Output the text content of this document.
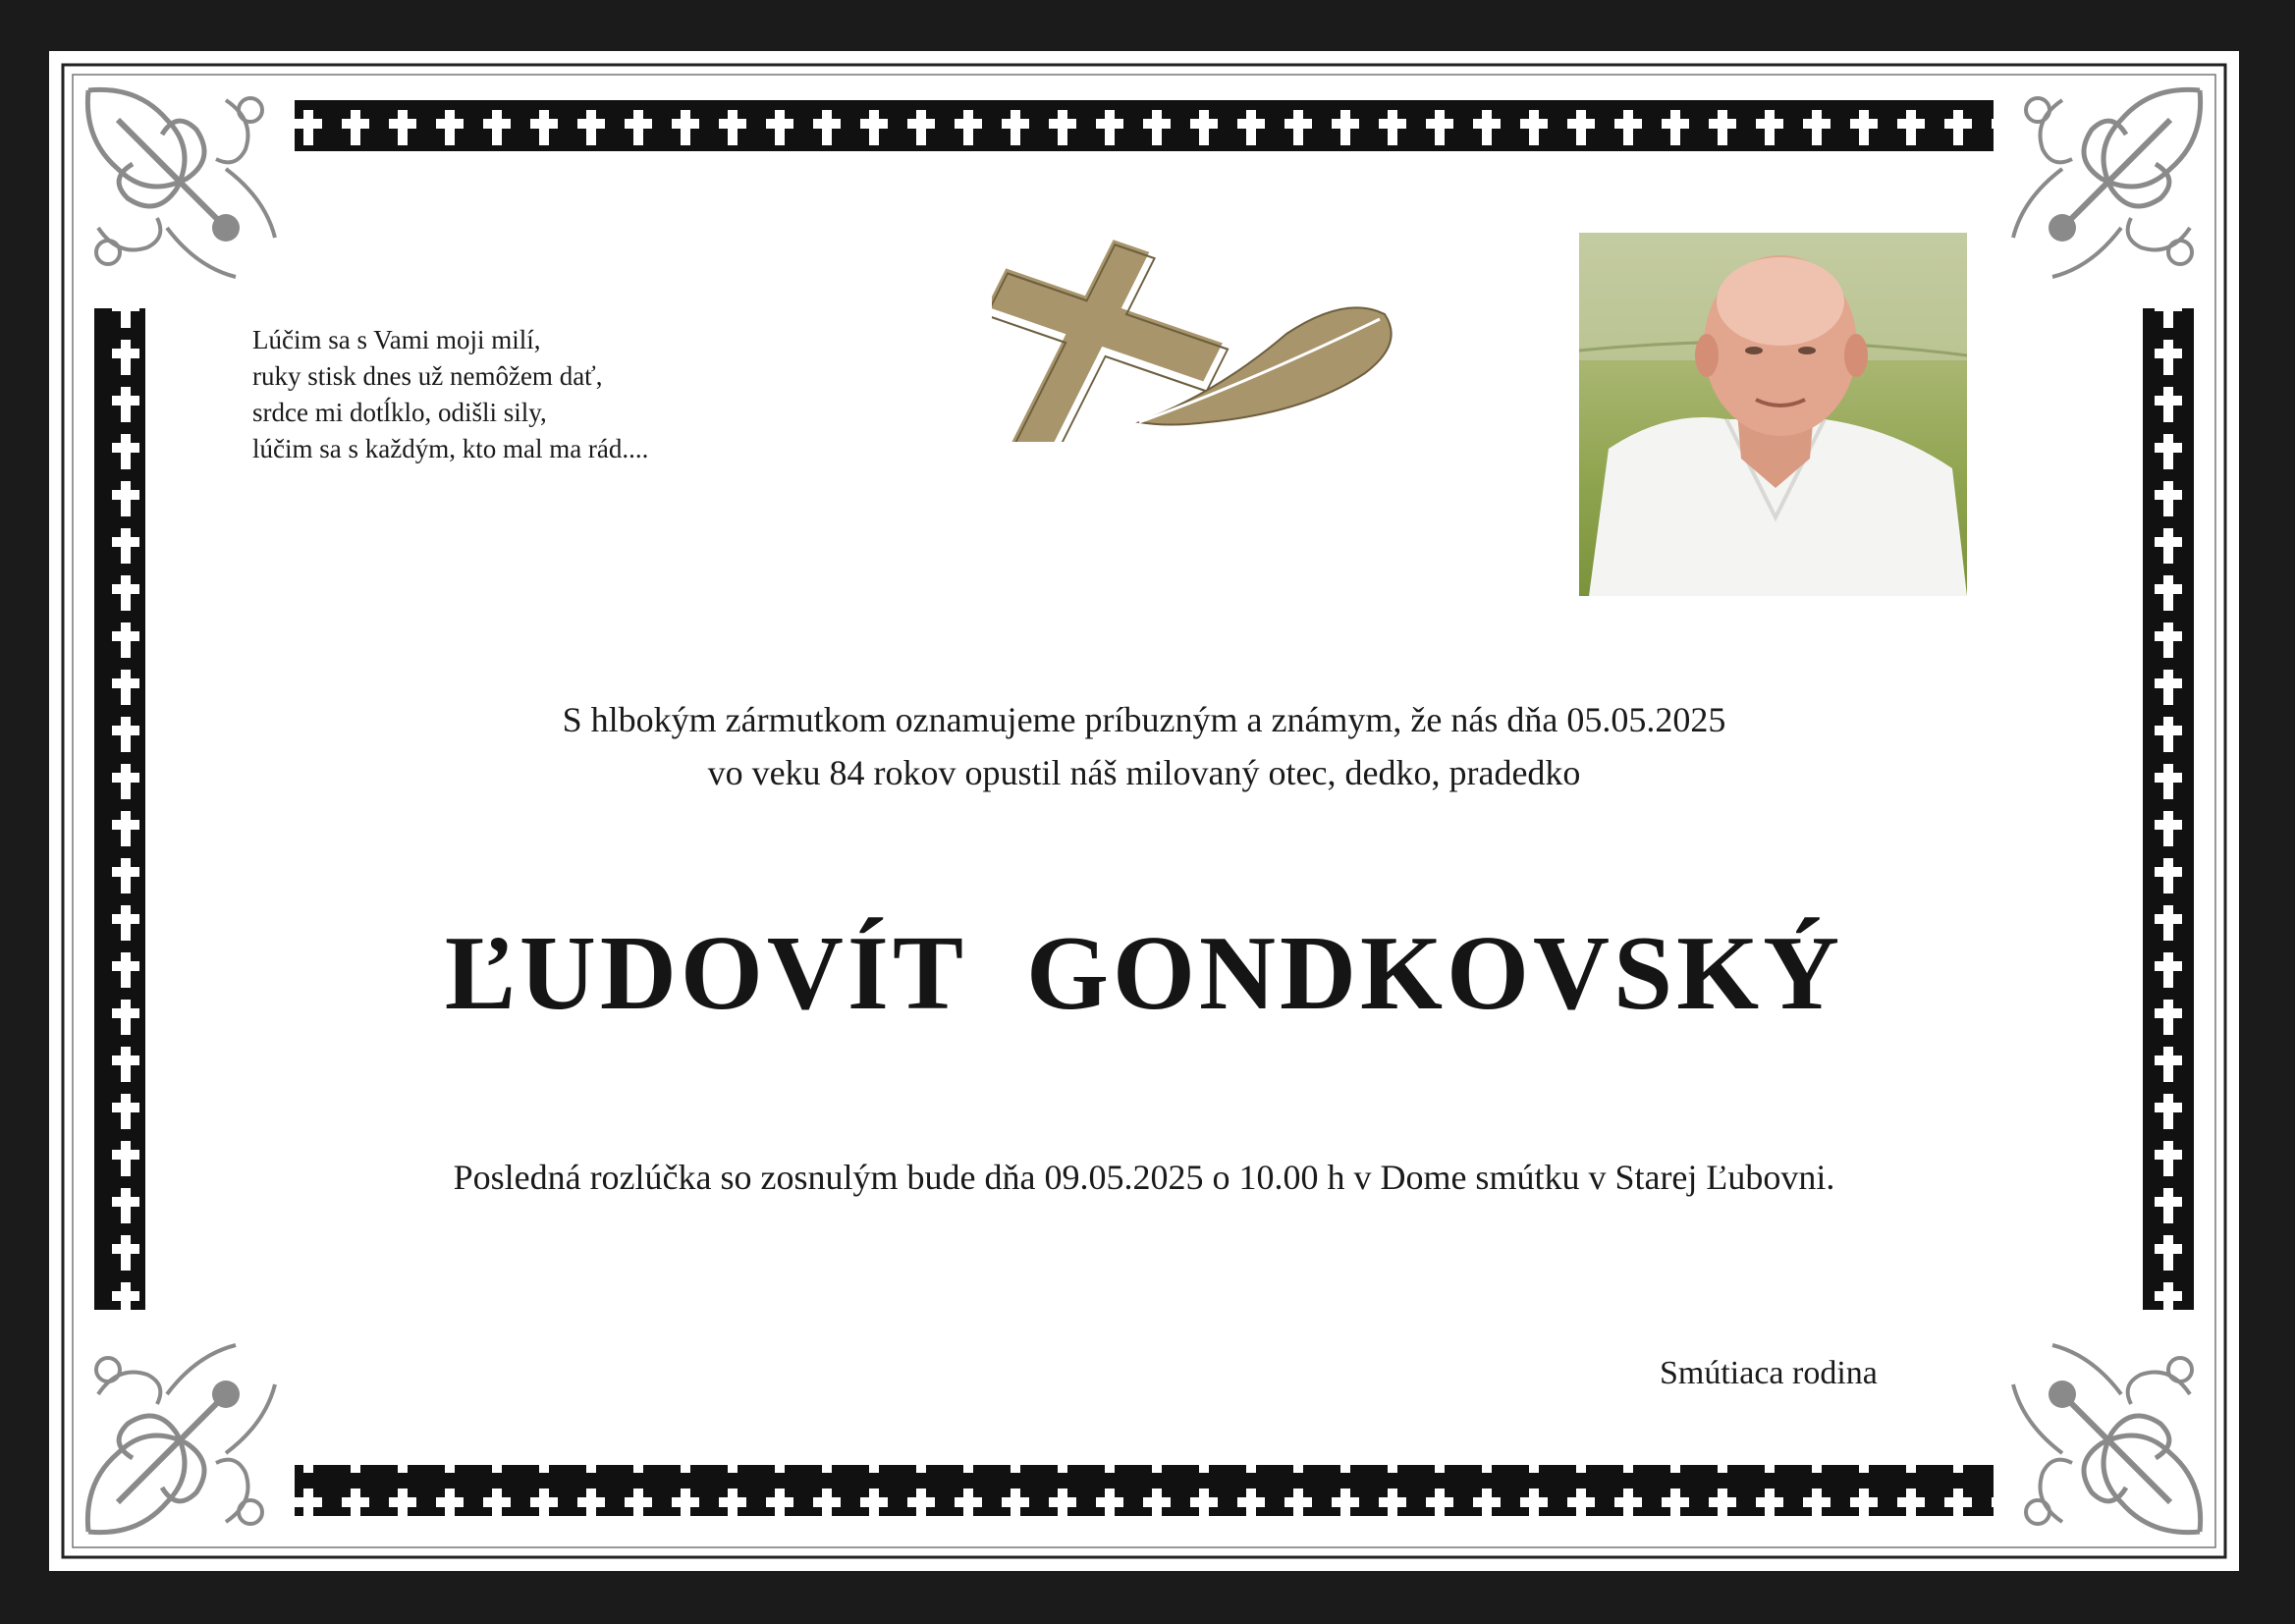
Lúčim sa s Vami moji milí,
ruky stisk dnes už nemôžem dať,
srdce mi dotĺklo, odišli sily,
lúčim sa s každým, kto mal ma rád....
S hlbokým zármutkom oznamujeme príbuzným a známym, že nás dňa 05.05.2025
vo veku 84 rokov opustil náš milovaný otec, dedko, pradedko
ĽUDOVÍT  GONDKOVSKÝ
Posledná rozlúčka so zosnulým bude dňa 09.05.2025 o 10.00 h v Dome smútku v Starej Ľubovni.
Smútiaca rodina
